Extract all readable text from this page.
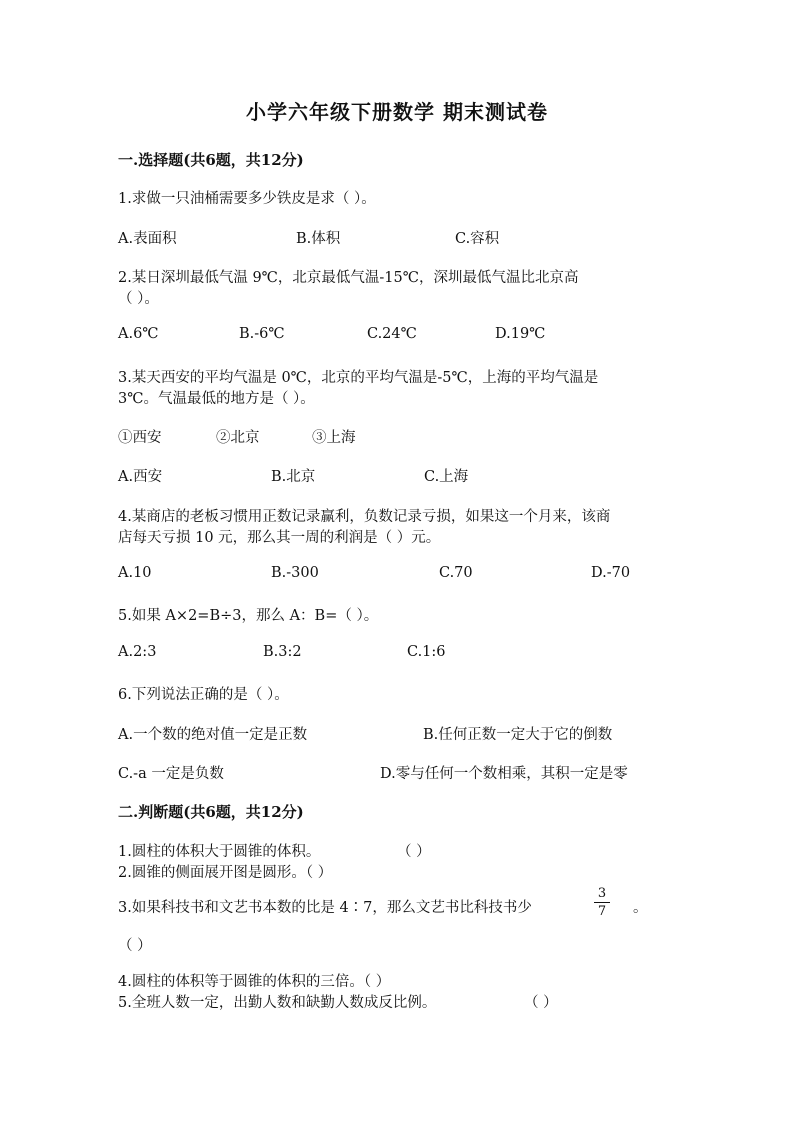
小学六年级下册数学 期末测试卷
一.选择题(共6题，共12分)
1.求做一只油桶需要多少铁皮是求（ ）。
A.表面积	B.体积	C.容积
2.某日深圳最低气温 9℃，北京最低气温-15℃，深圳最低气温比北京高
（ ）。
A.6℃	B.-6℃	C.24℃	D.19℃
3.某天西安的平均气温是 0℃，北京的平均气温是-5℃，上海的平均气温是
3℃。气温最低的地方是（ ）。
①西安	②北京	③上海
A.西安	B.北京	C.上海
4.某商店的老板习惯用正数记录赢利，负数记录亏损，如果这一个月来，该商
店每天亏损 10 元，那么其一周的利润是（ ）元。
A.10	B.-300	C.70	D.-70
5.如果 A×2=B÷3，那么 A：B=（ ）。
A.2:3	B.3:2	C.1:6
6.下列说法正确的是（ ）。
A.一个数的绝对值一定是正数	B.任何正数一定大于它的倒数
C.-a 一定是负数	D.零与任何一个数相乘，其积一定是零
二.判断题(共6题，共12分)
1.圆柱的体积大于圆锥的体积。	（ ）
2.圆锥的侧面展开图是圆形。（ ）
3.如果科技书和文艺书本数的比是 4∶7，那么文艺书比科技书少
3
7 。
（ ）
4.圆柱的体积等于圆锥的体积的三倍。（ ）
5.全班人数一定，出勤人数和缺勤人数成反比例。	（ ）
